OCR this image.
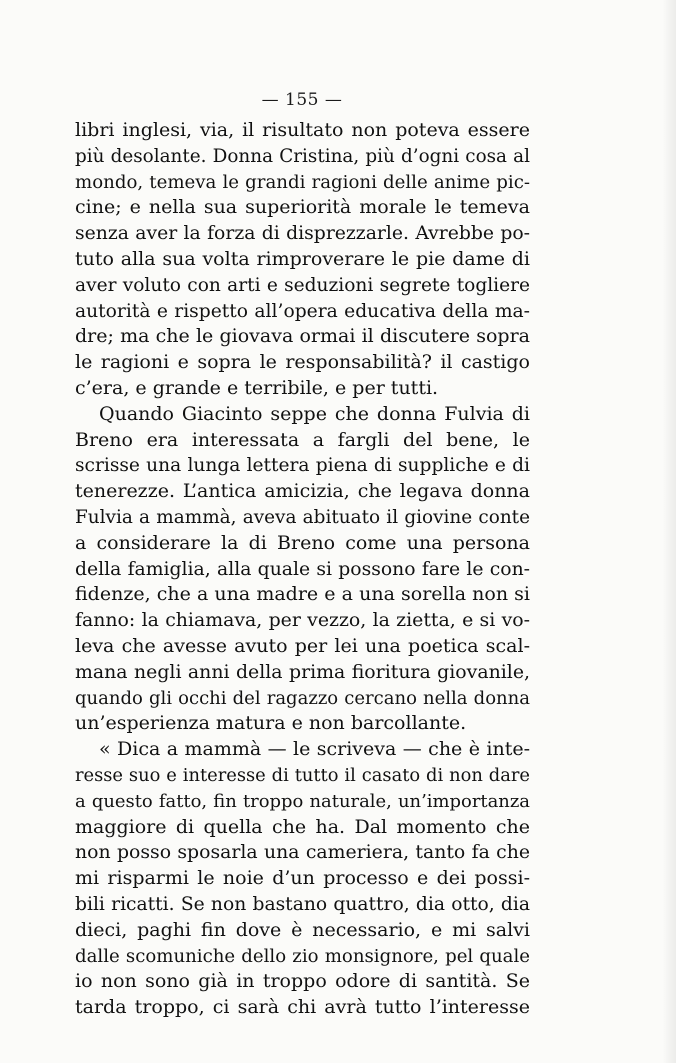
— 155 —
libri inglesi, via, il risultato non poteva essere
più desolante. Donna Cristina, più d’ogni cosa al
mondo, temeva le grandi ragioni delle anime pic-
cine; e nella sua superiorità morale le temeva
senza aver la forza di disprezzarle. Avrebbe po-
tuto alla sua volta rimproverare le pie dame di
aver voluto con arti e seduzioni segrete togliere
autorità e rispetto all’opera educativa della ma-
dre; ma che le giovava ormai il discutere sopra
le ragioni e sopra le responsabilità? il castigo
c’era, e grande e terribile, e per tutti.
Quando Giacinto seppe che donna Fulvia di
Breno era interessata a fargli del bene, le
scrisse una lunga lettera piena di suppliche e di
tenerezze. L’antica amicizia, che legava donna
Fulvia a mammà, aveva abituato il giovine conte
a considerare la di Breno come una persona
della famiglia, alla quale si possono fare le con-
fidenze, che a una madre e a una sorella non si
fanno: la chiamava, per vezzo, la zietta, e si vo-
leva che avesse avuto per lei una poetica scal-
mana negli anni della prima fioritura giovanile,
quando gli occhi del ragazzo cercano nella donna
un’esperienza matura e non barcollante.
« Dica a mammà — le scriveva — che è inte-
resse suo e interesse di tutto il casato di non dare
a questo fatto, fin troppo naturale, un’importanza
maggiore di quella che ha. Dal momento che
non posso sposarla una cameriera, tanto fa che
mi risparmi le noie d’un processo e dei possi-
bili ricatti. Se non bastano quattro, dia otto, dia
dieci, paghi fin dove è necessario, e mi salvi
dalle scomuniche dello zio monsignore, pel quale
io non sono già in troppo odore di santità. Se
tarda troppo, ci sarà chi avrà tutto l’interesse
